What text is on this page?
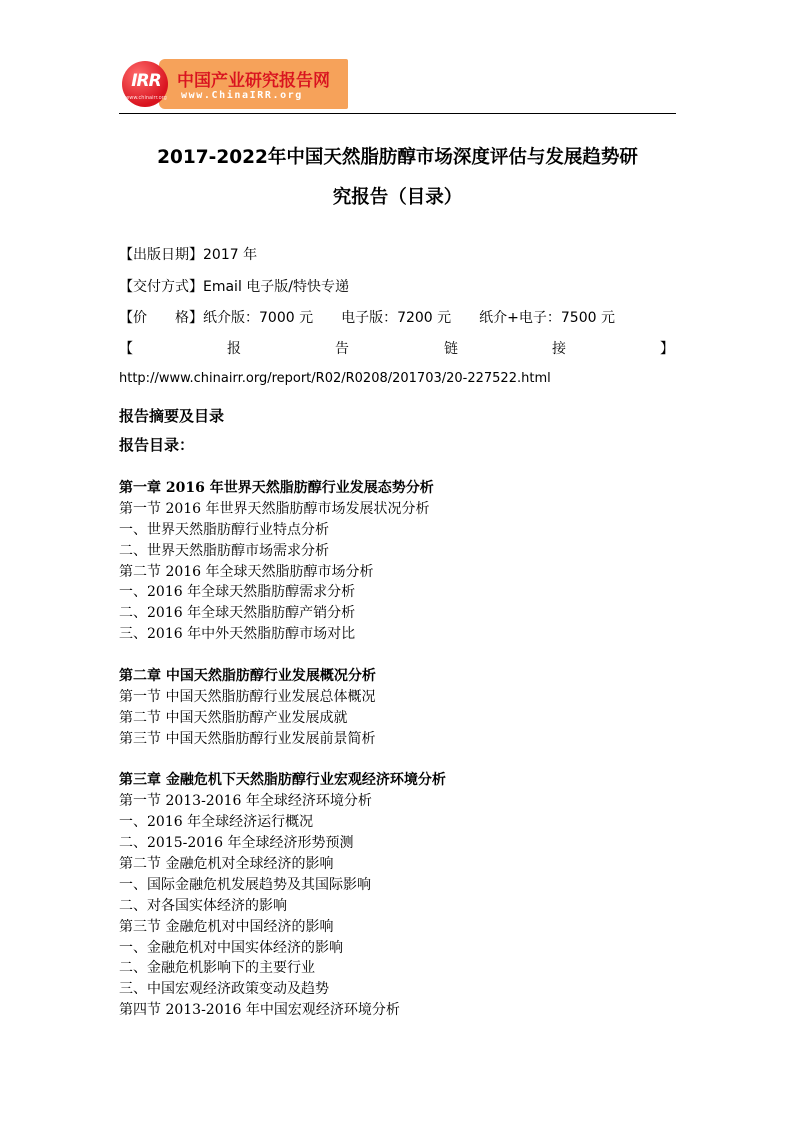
IRR
www.chinairr.org
中国产业研究报告网
www.ChinaIRR.org
2017-2022年中国天然脂肪醇市场深度评估与发展趋势研
究报告（目录）
【出版日期】2017 年
【交付方式】Email 电子版/特快专递
【价　　格】纸介版：7000 元　　电子版：7200 元　　纸介+电子：7500 元
【	报	告	链	接	】
http://www.chinairr.org/report/R02/R0208/201703/20-227522.html
报告摘要及目录
报告目录：
第一章 2016 年世界天然脂肪醇行业发展态势分析
第一节 2016 年世界天然脂肪醇市场发展状况分析
一、世界天然脂肪醇行业特点分析
二、世界天然脂肪醇市场需求分析
第二节 2016 年全球天然脂肪醇市场分析
一、2016 年全球天然脂肪醇需求分析
二、2016 年全球天然脂肪醇产销分析
三、2016 年中外天然脂肪醇市场对比
第二章 中国天然脂肪醇行业发展概况分析
第一节 中国天然脂肪醇行业发展总体概况
第二节 中国天然脂肪醇产业发展成就
第三节 中国天然脂肪醇行业发展前景简析
第三章 金融危机下天然脂肪醇行业宏观经济环境分析
第一节 2013-2016 年全球经济环境分析
一、2016 年全球经济运行概况
二、2015-2016 年全球经济形势预测
第二节 金融危机对全球经济的影响
一、国际金融危机发展趋势及其国际影响
二、对各国实体经济的影响
第三节 金融危机对中国经济的影响
一、金融危机对中国实体经济的影响
二、金融危机影响下的主要行业
三、中国宏观经济政策变动及趋势
第四节 2013-2016 年中国宏观经济环境分析
